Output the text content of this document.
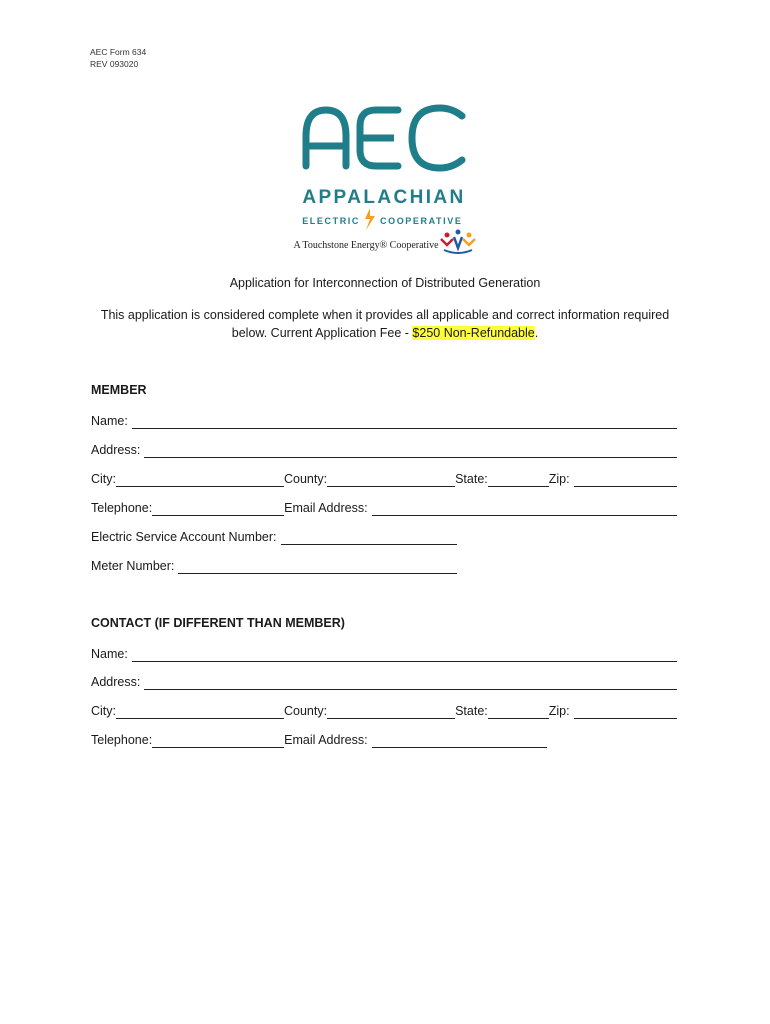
AEC Form 634
REV 093020
APPALACHIAN
ELECTRIC COOPERATIVE
A Touchstone Energy® Cooperative
Application for Interconnection of Distributed Generation
This application is considered complete when it provides all applicable and correct information required
below. Current Application Fee - $250 Non-Refundable.
MEMBER
Name:
Address:
City:	County:	State:	Zip:
Telephone:	Email Address:
Electric Service Account Number:
Meter Number:
CONTACT (IF DIFFERENT THAN MEMBER)
Name:
Address:
City:	County:	State:	Zip:
Telephone:	Email Address:
